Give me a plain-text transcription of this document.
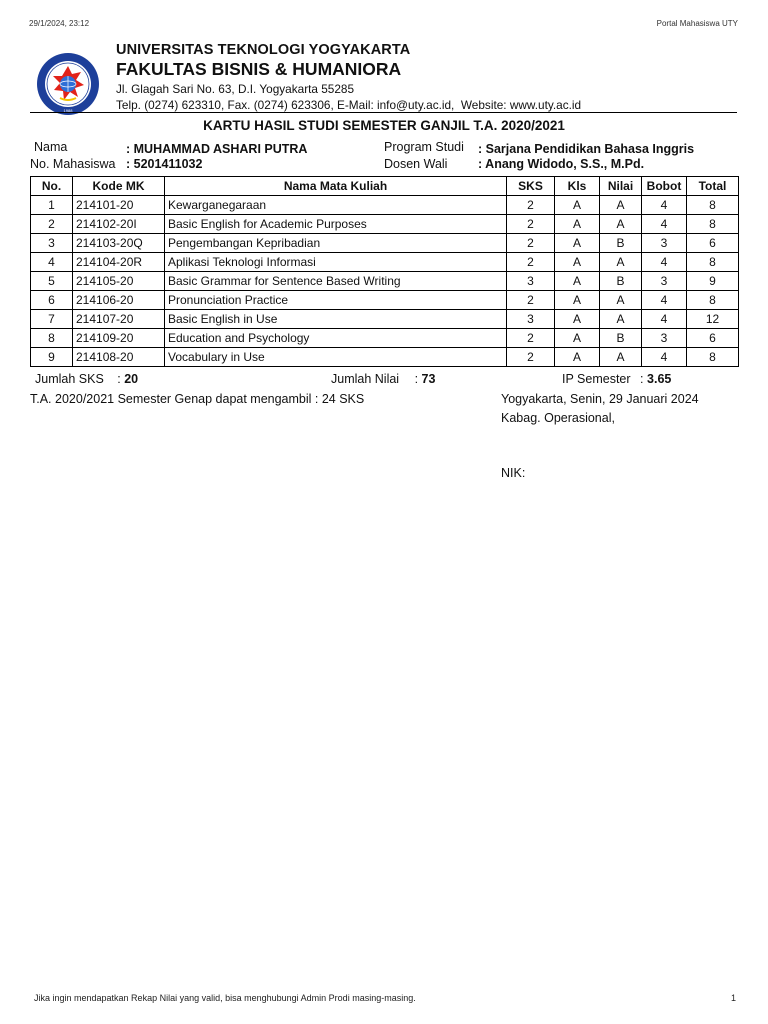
29/1/2024, 23:12	Portal Mahasiswa UTY
1988
UNIVERSITAS TEKNOLOGI YOGYAKARTA
FAKULTAS BISNIS & HUMANIORA
Jl. Glagah Sari No. 63, D.I. Yogyakarta 55285
Telp. (0274) 623310, Fax. (0274) 623306, E-Mail: info@uty.ac.id,  Website: www.uty.ac.id
KARTU HASIL STUDI SEMESTER GANJIL T.A. 2020/2021
Nama	: MUHAMMAD ASHARI PUTRA
No. Mahasiswa : 5201411032
Program Studi : Sarjana Pendidikan Bahasa Inggris
Dosen Wali : Anang Widodo, S.S., M.Pd.
No.	Kode MK	Nama Mata Kuliah	SKS	Kls	Nilai	Bobot	Total
1	214101-20	Kewarganegaraan	2	A	A	4	8
2	214102-20I	Basic English for Academic Purposes	2	A	A	4	8
3	214103-20Q	Pengembangan Kepribadian	2	A	B	3	6
4	214104-20R	Aplikasi Teknologi Informasi	2	A	A	4	8
5	214105-20	Basic Grammar for Sentence Based Writing	3	A	B	3	9
6	214106-20	Pronunciation Practice	2	A	A	4	8
7	214107-20	Basic English in Use	3	A	A	4	12
8	214109-20	Education and Psychology	2	A	B	3	6
9	214108-20	Vocabulary in Use	2	A	A	4	8
Jumlah SKS : 20	Jumlah Nilai : 73	IP Semester : 3.65
T.A. 2020/2021 Semester Genap dapat mengambil : 24 SKS	Yogyakarta, Senin, 29 Januari 2024
Kabag. Operasional,
NIK:
Jika ingin mendapatkan Rekap Nilai yang valid, bisa menghubungi Admin Prodi masing-masing.	1
